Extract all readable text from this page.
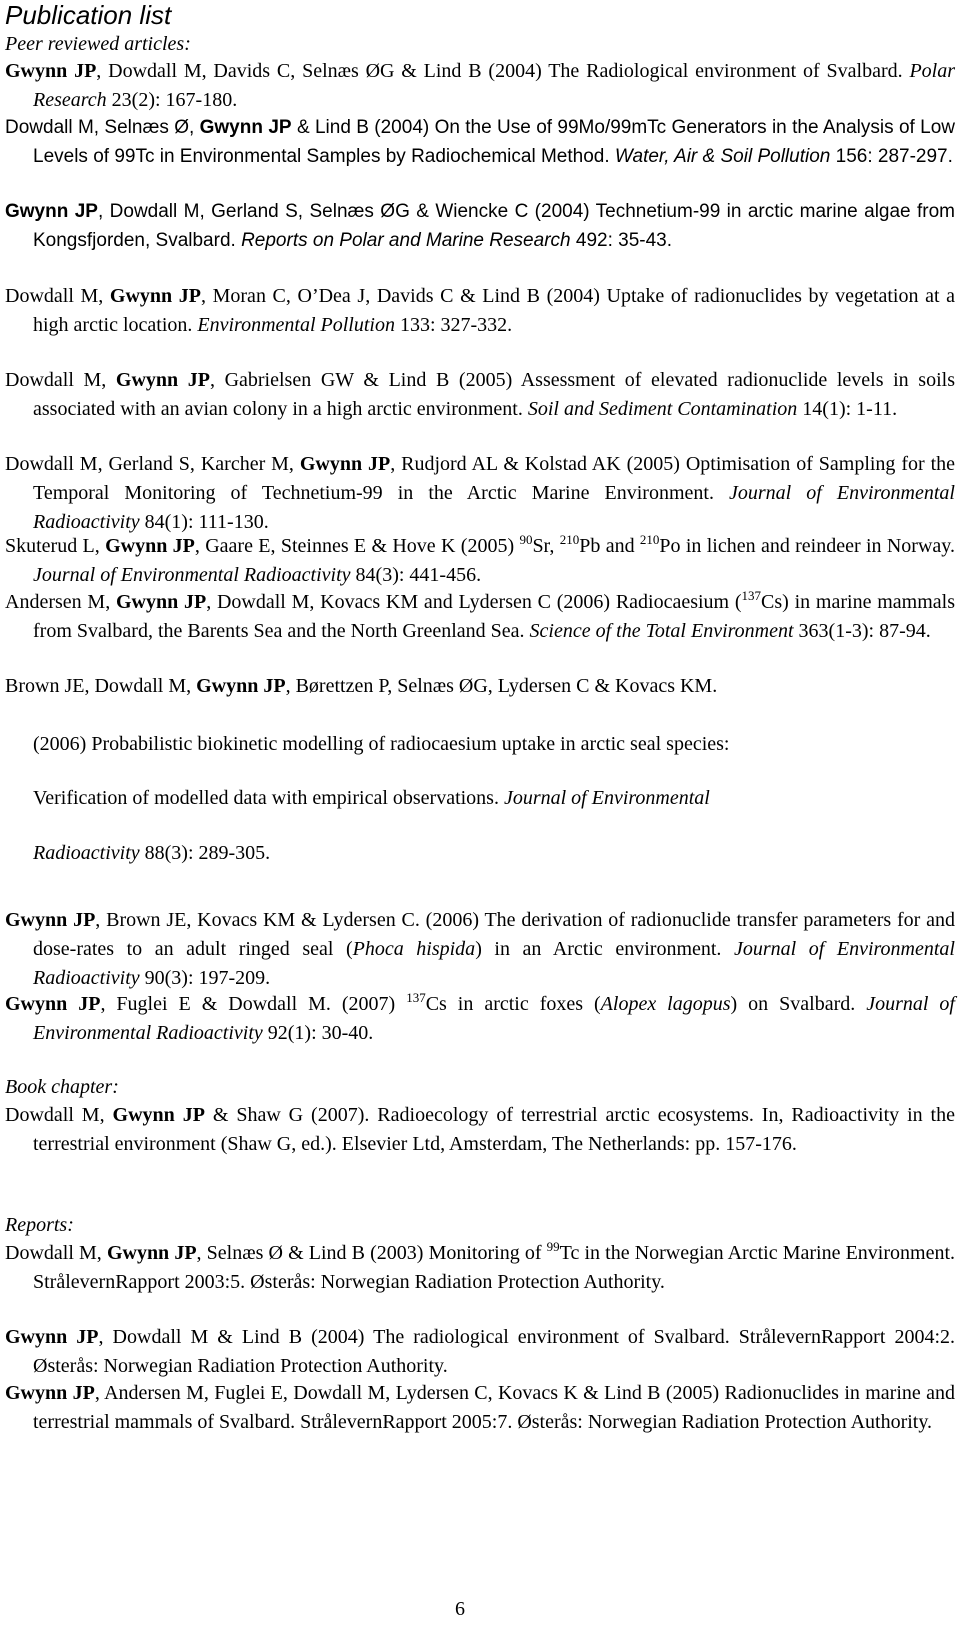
Publication list
Peer reviewed articles:
Gwynn JP, Dowdall M, Davids C, Selnæs ØG & Lind B (2004) The Radiological environment of Svalbard. Polar Research 23(2): 167-180.
Dowdall M, Selnæs Ø, Gwynn JP & Lind B (2004) On the Use of 99Mo/99mTc Generators in the Analysis of Low Levels of 99Tc in Environmental Samples by Radiochemical Method. Water, Air & Soil Pollution 156: 287-297.
Gwynn JP, Dowdall M, Gerland S, Selnæs ØG & Wiencke C (2004) Technetium-99 in arctic marine algae from Kongsfjorden, Svalbard. Reports on Polar and Marine Research 492: 35-43.
Dowdall M, Gwynn JP, Moran C, O’Dea J, Davids C & Lind B (2004) Uptake of radionuclides by vegetation at a high arctic location. Environmental Pollution 133: 327-332.
Dowdall M, Gwynn JP, Gabrielsen GW & Lind B (2005) Assessment of elevated radionuclide levels in soils associated with an avian colony in a high arctic environment. Soil and Sediment Contamination 14(1): 1-11.
Dowdall M, Gerland S, Karcher M, Gwynn JP, Rudjord AL & Kolstad AK (2005) Optimisation of Sampling for the Temporal Monitoring of Technetium-99 in the Arctic Marine Environment. Journal of Environmental Radioactivity 84(1): 111-130.
Skuterud L, Gwynn JP, Gaare E, Steinnes E & Hove K (2005) $^{90}$Sr, $^{210}$Pb and $^{210}$Po in lichen and reindeer in Norway. Journal of Environmental Radioactivity 84(3): 441-456.
Andersen M, Gwynn JP, Dowdall M, Kovacs KM and Lydersen C (2006) Radiocaesium ($^{137}$Cs) in marine mammals from Svalbard, the Barents Sea and the North Greenland Sea. Science of the Total Environment 363(1-3): 87-94.
Brown JE, Dowdall M, Gwynn JP, Børettzen P, Selnæs ØG, Lydersen C & Kovacs KM.
(2006) Probabilistic biokinetic modelling of radiocaesium uptake in arctic seal species:
Verification of modelled data with empirical observations. Journal of Environmental
Radioactivity 88(3): 289-305.
Gwynn JP, Brown JE, Kovacs KM & Lydersen C. (2006) The derivation of radionuclide transfer parameters for and dose-rates to an adult ringed seal (Phoca hispida) in an Arctic environment. Journal of Environmental Radioactivity 90(3): 197-209.
Gwynn JP, Fuglei E & Dowdall M. (2007) $^{137}$Cs in arctic foxes (Alopex lagopus) on Svalbard. Journal of Environmental Radioactivity 92(1): 30-40.
Book chapter:
Dowdall M, Gwynn JP & Shaw G (2007). Radioecology of terrestrial arctic ecosystems. In, Radioactivity in the terrestrial environment (Shaw G, ed.). Elsevier Ltd, Amsterdam, The Netherlands: pp. 157-176.
Reports:
Dowdall M, Gwynn JP, Selnæs Ø & Lind B (2003) Monitoring of $^{99}$Tc in the Norwegian Arctic Marine Environment. StrålevernRapport 2003:5. Østerås: Norwegian Radiation Protection Authority.
Gwynn JP, Dowdall M & Lind B (2004) The radiological environment of Svalbard. StrålevernRapport 2004:2. Østerås: Norwegian Radiation Protection Authority.
Gwynn JP, Andersen M, Fuglei E, Dowdall M, Lydersen C, Kovacs K & Lind B (2005) Radionuclides in marine and terrestrial mammals of Svalbard. StrålevernRapport 2005:7. Østerås: Norwegian Radiation Protection Authority.
6
